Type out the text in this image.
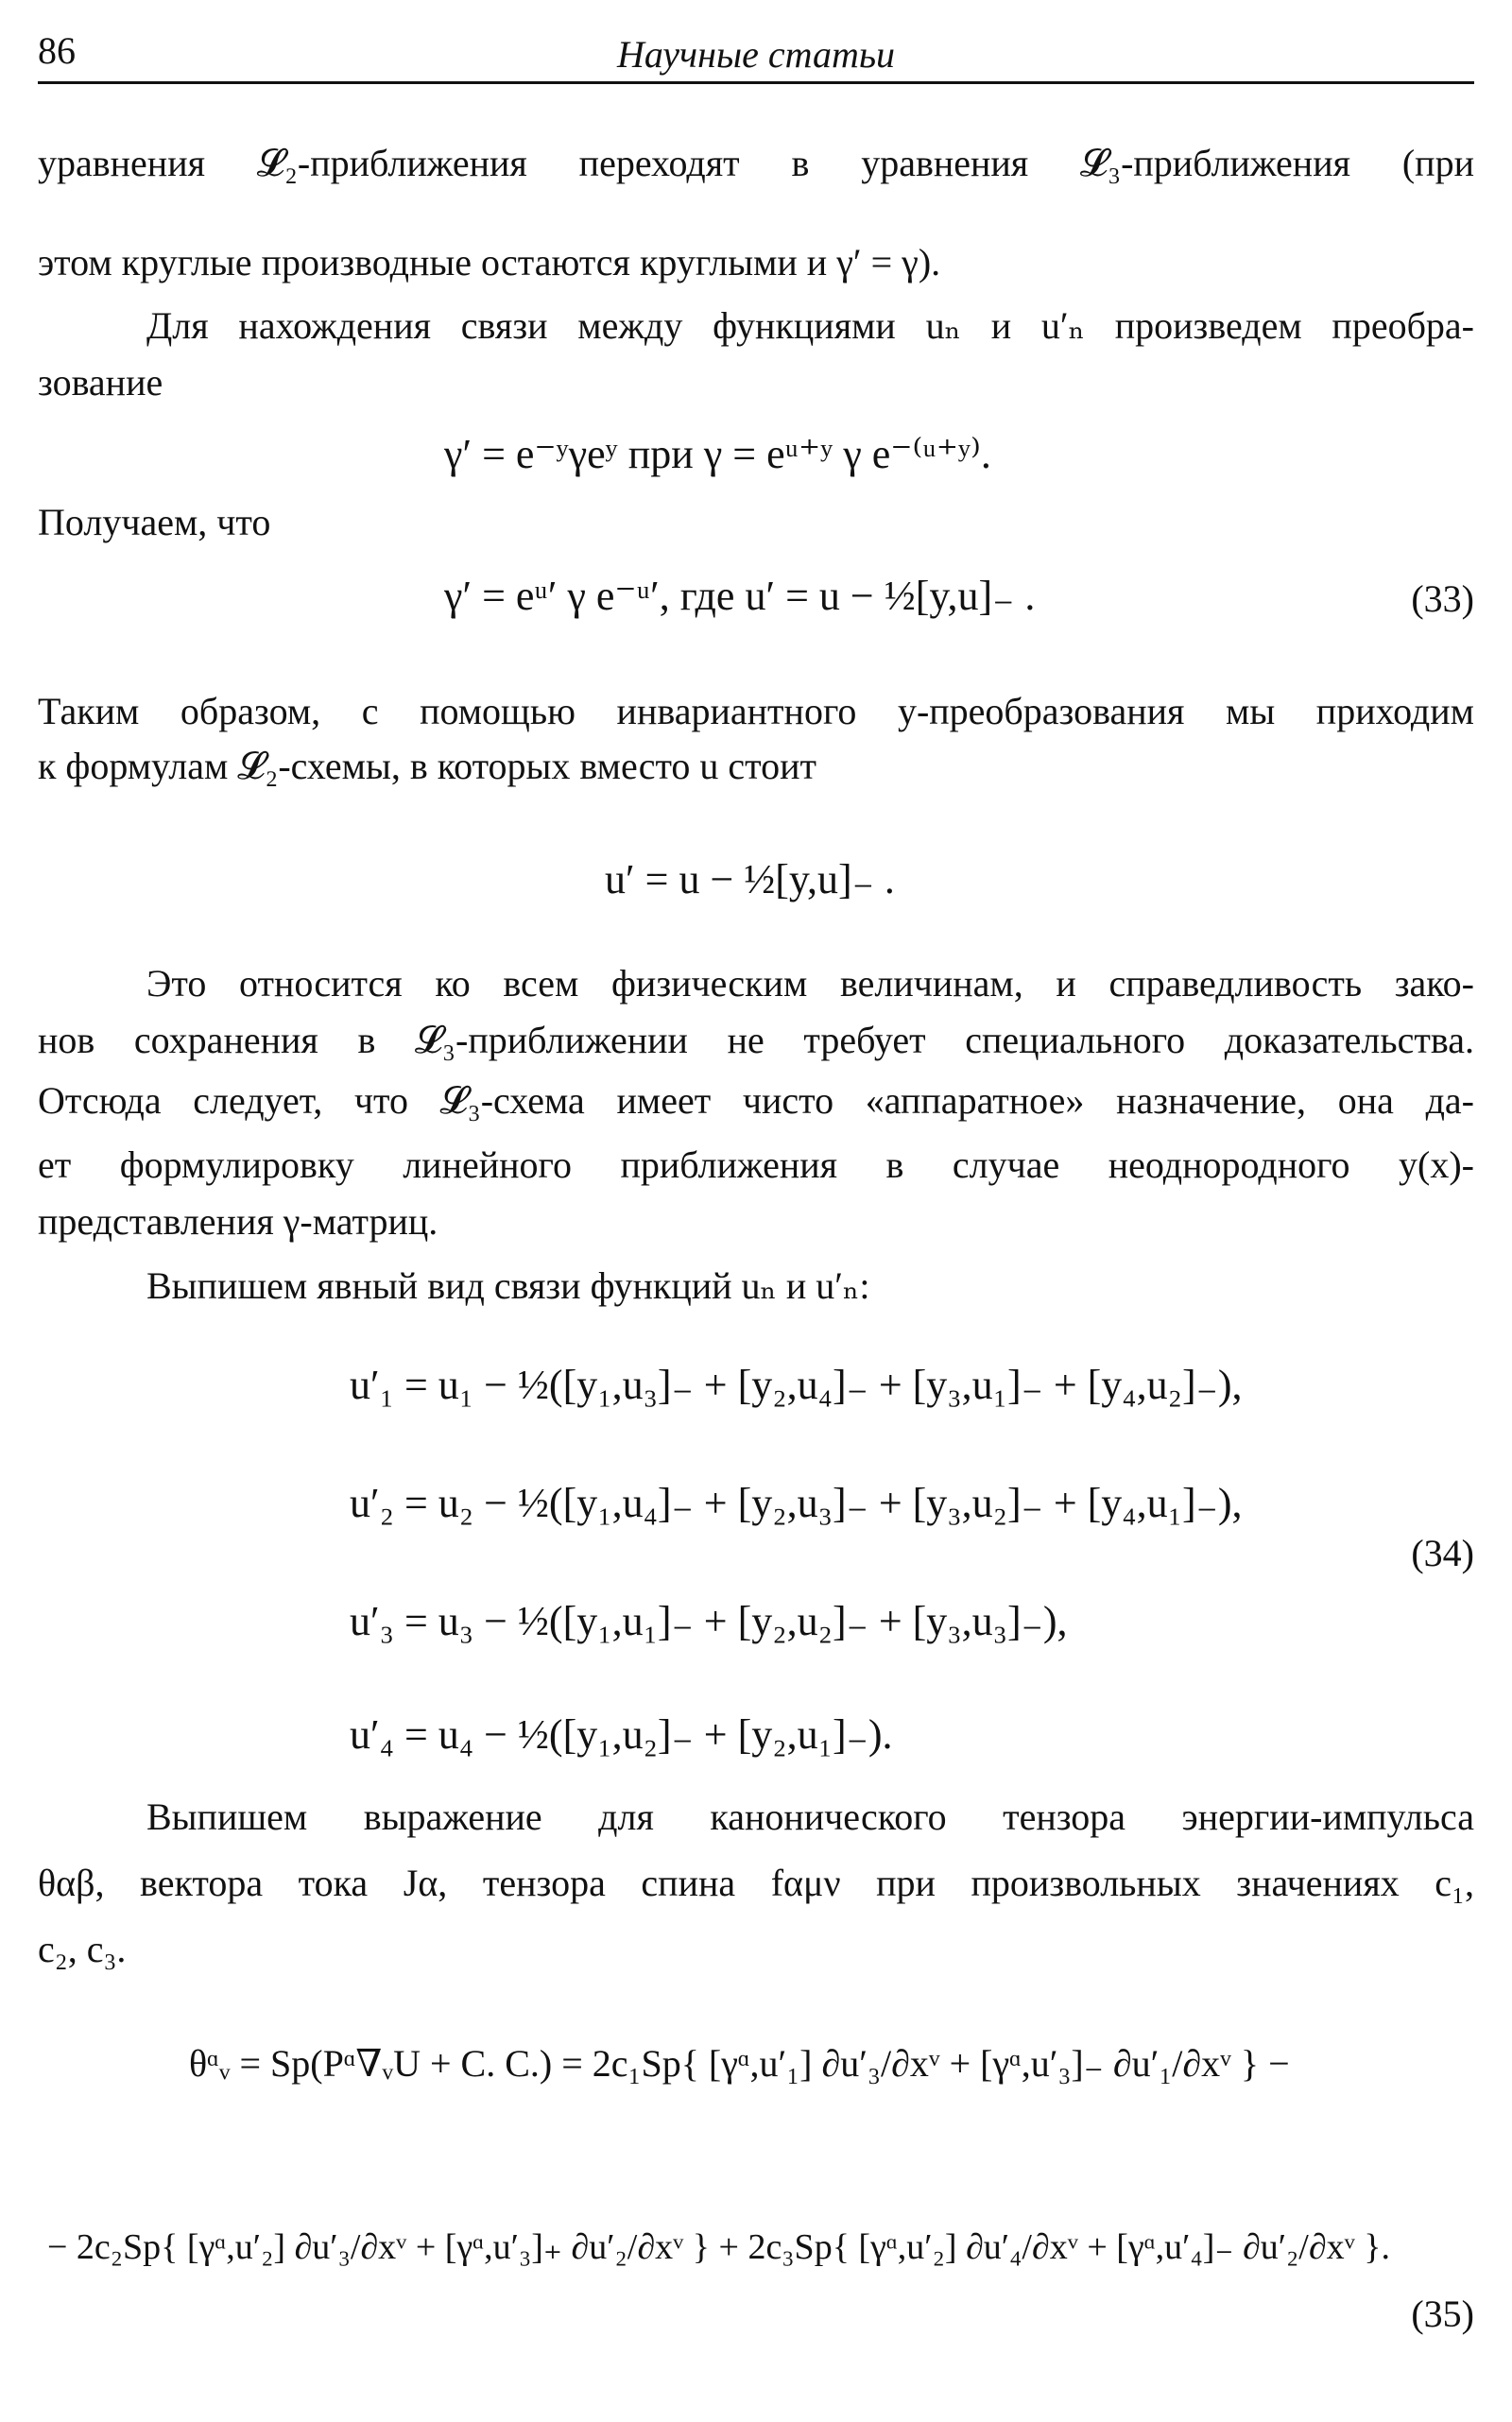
86	Научные статьи
уравнения 𝓛₂-приближения переходят в уравнения 𝓛₃-приближения (при
этом круглые производные остаются круглыми и γ′ = γ).
Для нахождения связи между функциями uₙ и u′ₙ произведем преобра-
зование
γ′ = e⁻ʸγeʸ при γ = eᵘ⁺ʸ γ e⁻⁽ᵘ⁺ʸ⁾.
Получаем, что
γ′ = eᵘ′ γ e⁻ᵘ′, где u′ = u − ½[y,u]₋ .	(33)
Таким образом, с помощью инвариантного y-преобразования мы приходим
к формулам 𝓛₂-схемы, в которых вместо u стоит
u′ = u − ½[y,u]₋ .
Это относится ко всем физическим величинам, и справедливость зако-
нов сохранения в 𝓛₃-приближении не требует специального доказательства.
Отсюда следует, что 𝓛₃-схема имеет чисто «аппаратное» назначение, она да-
ет формулировку линейного приближения в случае неоднородного y(x)-
представления γ-матриц.
Выпишем явный вид связи функций uₙ и u′ₙ:
u′₁ = u₁ − ½([y₁,u₃]₋ + [y₂,u₄]₋ + [y₃,u₁]₋ + [y₄,u₂]₋),
u′₂ = u₂ − ½([y₁,u₄]₋ + [y₂,u₃]₋ + [y₃,u₂]₋ + [y₄,u₁]₋),
u′₃ = u₃ − ½([y₁,u₁]₋ + [y₂,u₂]₋ + [y₃,u₃]₋),
u′₄ = u₄ − ½([y₁,u₂]₋ + [y₂,u₁]₋).
(34)
Выпишем выражение для канонического тензора энергии-импульса
θαβ, вектора тока Jα, тензора спина fαμν при произвольных значениях c₁,
c₂, c₃.
θᵅᵥ = Sp(Pᵅ∇ᵥU + C. C.) = 2c₁Sp{ [γᵅ,u′₁] ∂u′₃/∂xᵛ + [γᵅ,u′₃]₋ ∂u′₁/∂xᵛ } −
− 2c₂Sp{ [γᵅ,u′₂] ∂u′₃/∂xᵛ + [γᵅ,u′₃]₊ ∂u′₂/∂xᵛ } + 2c₃Sp{ [γᵅ,u′₂] ∂u′₄/∂xᵛ + [γᵅ,u′₄]₋ ∂u′₂/∂xᵛ }.
(35)
